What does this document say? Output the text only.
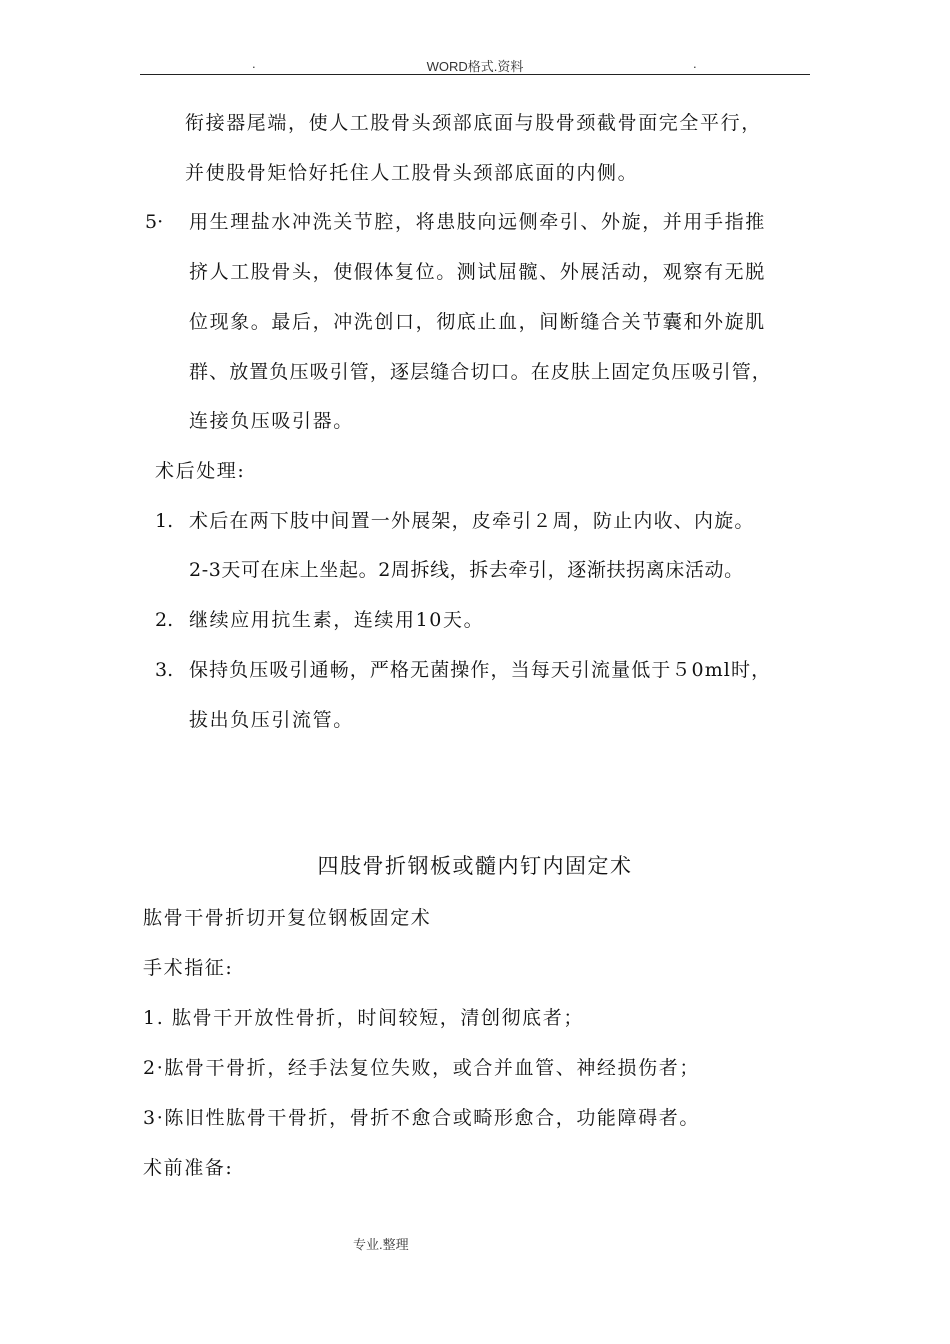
WORD格式.资料
.	.

衔接器尾端，使人工股骨头颈部底面与股骨颈截骨面完全平行，

并使股骨矩恰好托住人工股骨头颈部底面的内侧。

5· 用生理盐水冲洗关节腔，将患肢向远侧牵引、外旋，并用手指推

挤人工股骨头，使假体复位。测试屈髋、外展活动，观察有无脱

位现象。最后，冲洗创口，彻底止血，间断缝合关节囊和外旋肌

群、放置负压吸引管，逐层缝合切口。在皮肤上固定负压吸引管，

连接负压吸引器。

术后处理:

1. 术后在两下肢中间置一外展架，皮牵引２周，防止内收、内旋。

2-3天可在床上坐起。2周拆线，拆去牵引，逐渐扶拐离床活动。

2. 继续应用抗生素，连续用10天。

3. 保持负压吸引通畅，严格无菌操作，当每天引流量低于５0ml时，

拔出负压引流管。

四肢骨折钢板或髓内钉内固定术

肱骨干骨折切开复位钢板固定术

手术指征:

1. 肱骨干开放性骨折，时间较短，清创彻底者；

2·肱骨干骨折，经手法复位失败，或合并血管、神经损伤者；

3·陈旧性肱骨干骨折，骨折不愈合或畸形愈合，功能障碍者。

术前准备:

专业.整理
